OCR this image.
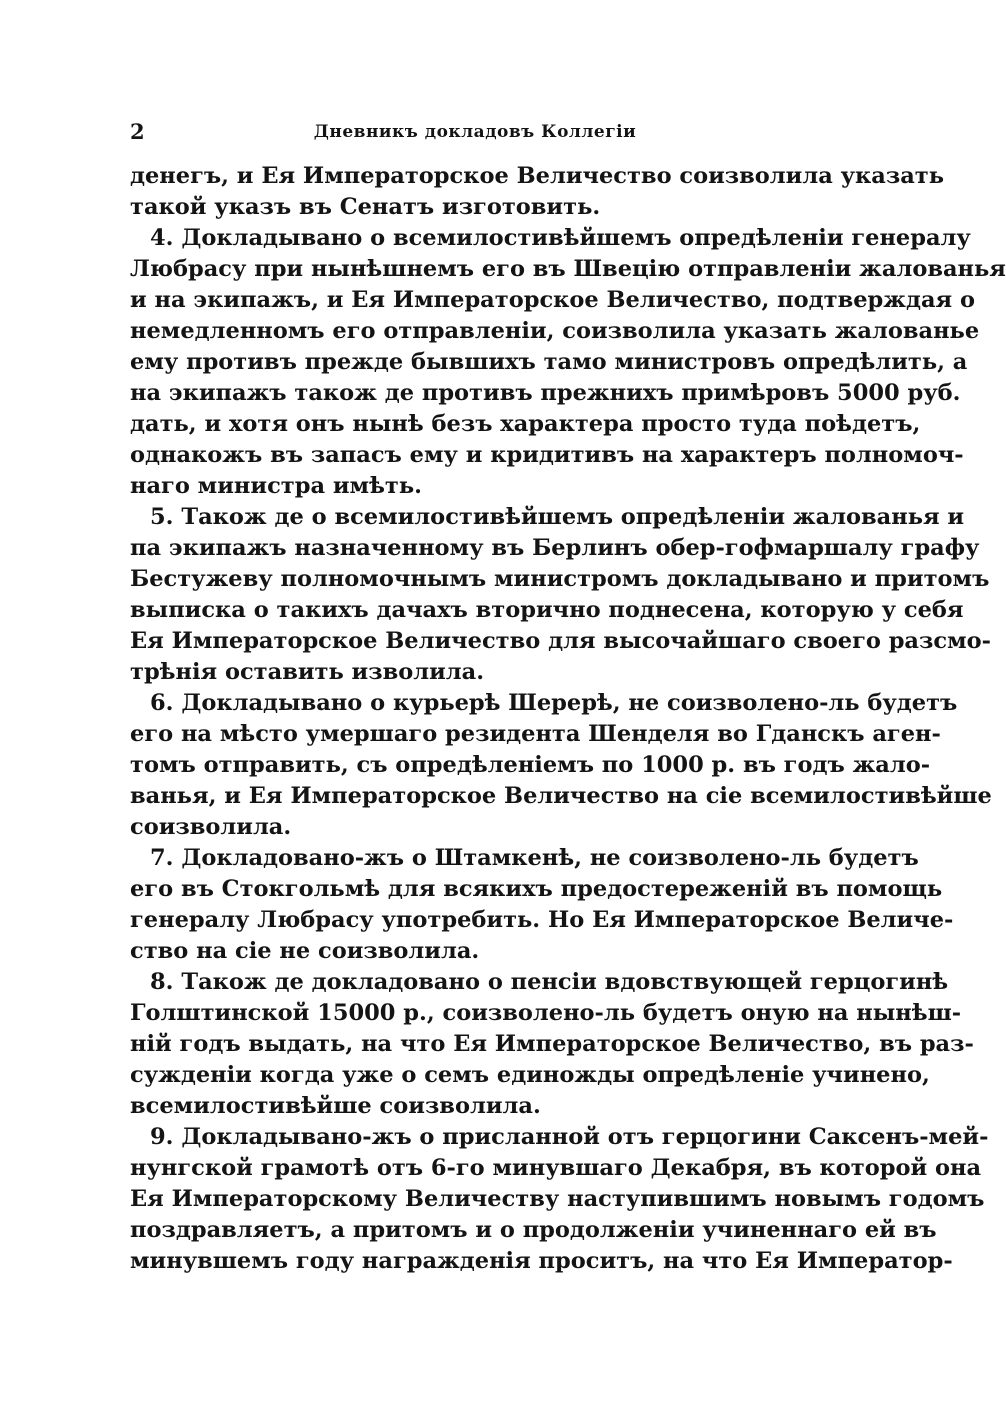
2	Дневникъ докладовъ Коллегіи
денегъ, и Ея Императорское Величество соизволила указать
такой указъ въ Сенатъ изготовить.
4. Докладывано о всемилостивѣйшемъ опредѣленіи генералу
Любрасу при нынѣшнемъ его въ Швецію отправленіи жалованья
и на экипажъ, и Ея Императорское Величество, подтверждая о
немедленномъ его отправленіи, соизволила указать жалованье
ему противъ прежде бывшихъ тамо министровъ опредѣлить, а
на экипажъ також де противъ прежнихъ примѣровъ 5000 руб.
дать, и хотя онъ нынѣ безъ характера просто туда поѣдетъ,
однакожъ въ запасъ ему и кридитивъ на характеръ полномоч-
наго министра имѣть.
5. Також де о всемилостивѣйшемъ опредѣленіи жалованья и
па экипажъ назначенному въ Берлинъ обер-гофмаршалу графу
Бестужеву полномочнымъ министромъ докладывано и притомъ
выписка о такихъ дачахъ вторично поднесена, которую у себя
Ея Императорское Величество для высочайшаго своего разсмо-
трѣнія оставить изволила.
6. Докладывано о курьерѣ Шерерѣ, не соизволено-ль будетъ
его на мѣсто умершаго резидента Шенделя во Гданскъ аген-
томъ отправить, съ опредѣленіемъ по 1000 р. въ годъ жало-
ванья, и Ея Императорское Величество на сіе всемилостивѣйше
соизволила.
7. Докладовано-жъ о Штамкенѣ, не соизволено-ль будетъ
его въ Стокгольмѣ для всякихъ предостереженій въ помощь
генералу Любрасу употребить. Но Ея Императорское Величе-
ство на сіе не соизволила.
8. Також де докладовано о пенсіи вдовствующей герцогинѣ
Голштинской 15000 р., соизволено-ль будетъ оную на нынѣш-
ній годъ выдать, на что Ея Императорское Величество, въ раз-
сужденіи когда уже о семъ единожды опредѣленіе учинено,
всемилостивѣйше соизволила.
9. Докладывано-жъ о присланной отъ герцогини Саксенъ-мей-
нунгской грамотѣ отъ 6-го минувшаго Декабря, въ которой она
Ея Императорскому Величеству наступившимъ новымъ годомъ
поздравляетъ, а притомъ и о продолженіи учиненнаго ей въ
минувшемъ году награжденія проситъ, на что Ея Император-
